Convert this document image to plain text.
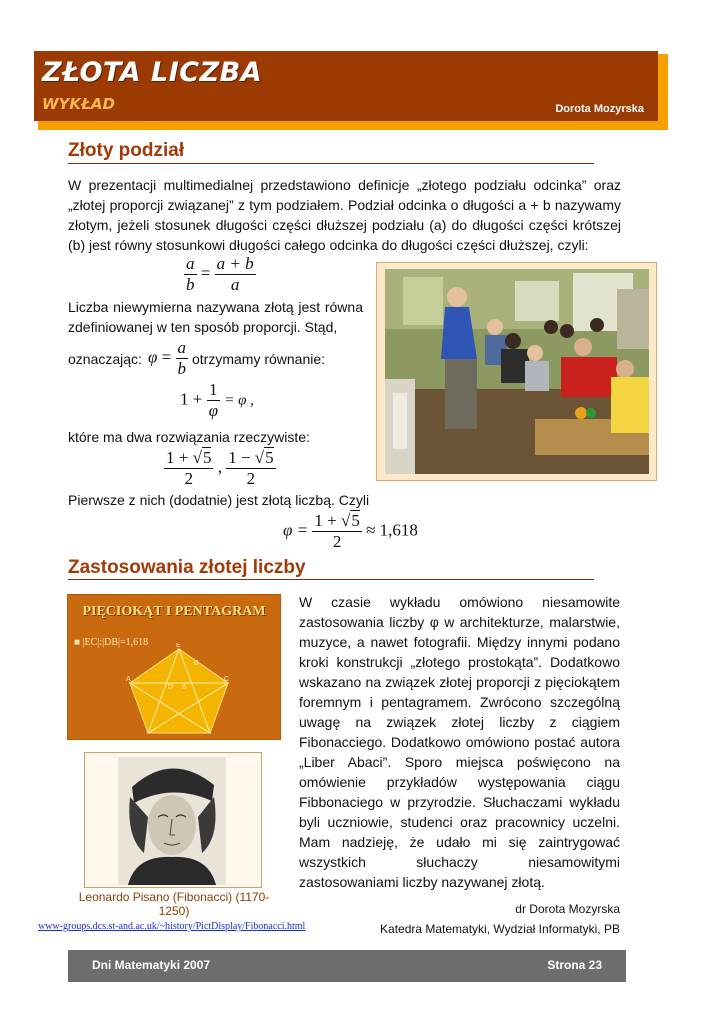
ZŁOTA LICZBA
WYKŁAD	Dorota Mozyrska
Złoty podział
W prezentacji multimedialnej przedstawiono definicje „złotego podziału odcinka” oraz „złotej proporcji związanej” z tym podziałem. Podział odcinka o długości a + b nazywamy złotym, jeżeli stosunek długości części dłuższej podziału (a) do długości części krótszej (b) jest równy stosunkowi długości całego odcinka do długości części dłuższej, czyli:
$\frac{a}{b} = \frac{a + b}{a}$
Liczba niewymierna nazywana złotą jest równa zdefiniowanej w ten sposób proporcji. Stąd,
oznaczając: $\varphi = \frac{a}{b}$ otrzymamy równanie:
$1 + \frac{1}{\varphi} = \varphi$ ,
które ma dwa rozwiązania rzeczywiste:
$\frac{1 + √5}{2}$ , $\frac{1 - √5}{2}$
Pierwsze z nich (dodatnie) jest złotą liczbą. Czyli
$\varphi = \frac{1 + √5}{2} \approx 1,618$
Zastosowania złotej liczby
W czasie wykładu omówiono niesamowite
zastosowania liczby φ w architekturze, malarstwie,
muzyce, a nawet fotografii. Między innymi podano
kroki konstrukcji „złotego prostokąta”. Dodatkowo
wskazano na związek złotej proporcji z pięciokątem
foremnym i pentagramem. Zwrócono szczególną
uwagę na związek złotej liczby z ciągiem
Fibonacciego. Dodatkowo omówiono postać autora
„Liber Abaci”. Sporo miejsca poświęcono na
omówienie przykładów występowania ciągu
Fibbonaciego w przyrodzie. Słuchaczami wykładu
byli uczniowie, studenci oraz pracownicy uczelni.
Mam nadzieję, że udało mi się zaintrygować
wszystkich słuchaczy niesamowitymi
zastosowaniami liczby nazywanej złotą.
dr Dorota Mozyrska
Katedra Matematyki, Wydział Informatyki, PB
PIĘCIOKĄT I PENTAGRAM
■ |EC|:|DB|=1,618	E
B
A	C
D B
Leonardo Pisano (Fibonacci) (1170-1250)
www-groups.dcs.st-and.ac.uk/~history/PictDisplay/Fibonacci.html
Dni Matematyki 2007	Strona 23
